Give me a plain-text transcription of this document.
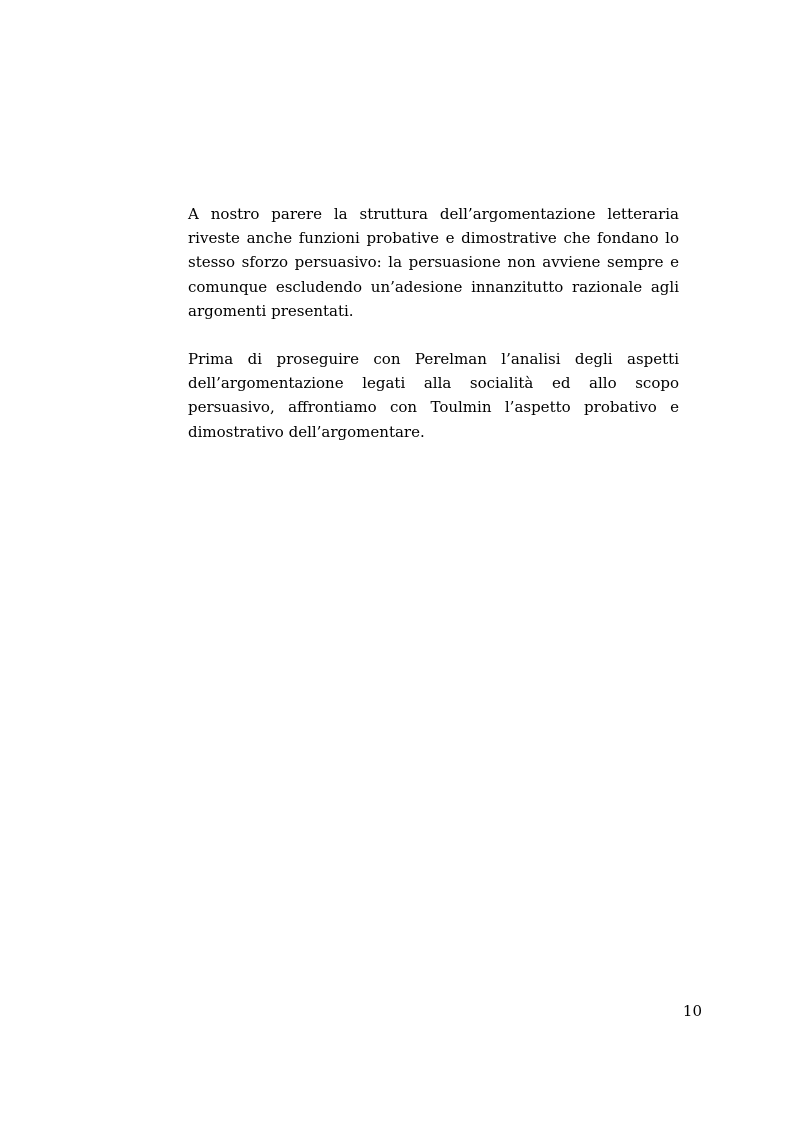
A nostro parere la struttura dell’argomentazione letteraria riveste anche funzioni probative e dimostrative che fondano lo stesso sforzo persuasivo: la persuasione non avviene sempre e comunque escludendo un’adesione innanzitutto razionale agli argomenti presentati.

Prima di proseguire con Perelman l’analisi degli aspetti dell’argomentazione legati alla socialità ed allo scopo persuasivo, affrontiamo con Toulmin l’aspetto probativo e dimostrativo dell’argomentare.

10
